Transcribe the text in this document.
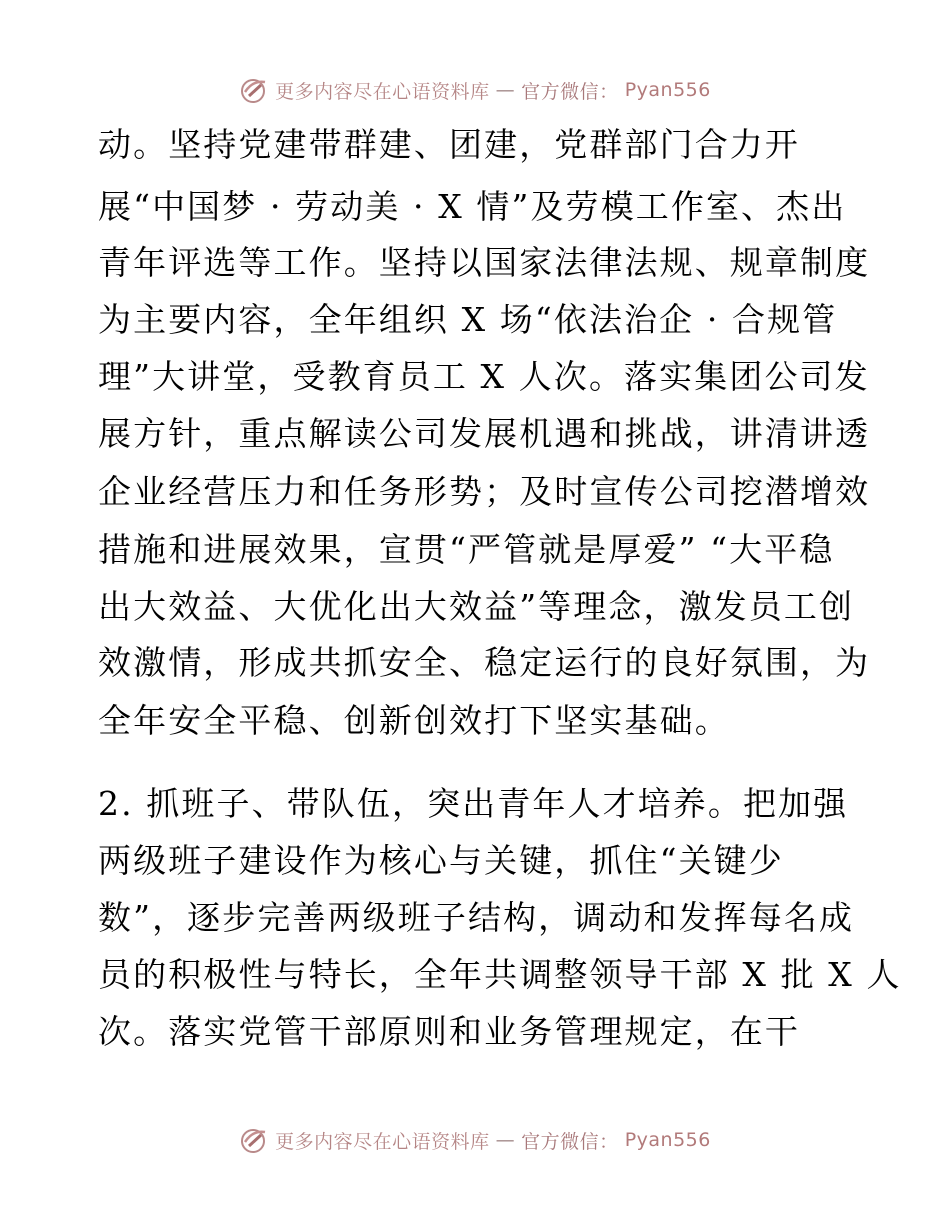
更多内容尽在心语资料库 — 官方微信： Pyan556
动。坚持党建带群建、团建，党群部门合力开
展“中国梦 · 劳动美 · X 情”及劳模工作室、杰出
青年评选等工作。坚持以国家法律法规、规章制度
为主要内容，全年组织 X 场“依法治企 · 合规管
理”大讲堂，受教育员工 X 人次。落实集团公司发
展方针，重点解读公司发展机遇和挑战，讲清讲透
企业经营压力和任务形势；及时宣传公司挖潜增效
措施和进展效果，宣贯“严管就是厚爱” “大平稳
出大效益、大优化出大效益”等理念，激发员工创
效激情，形成共抓安全、稳定运行的良好氛围，为
全年安全平稳、创新创效打下坚实基础。
2. 抓班子、带队伍，突出青年人才培养。把加强
两级班子建设作为核心与关键，抓住“关键少
数”，逐步完善两级班子结构，调动和发挥每名成
员的积极性与特长，全年共调整领导干部 X 批 X 人
次。落实党管干部原则和业务管理规定，在干
更多内容尽在心语资料库 — 官方微信： Pyan556
